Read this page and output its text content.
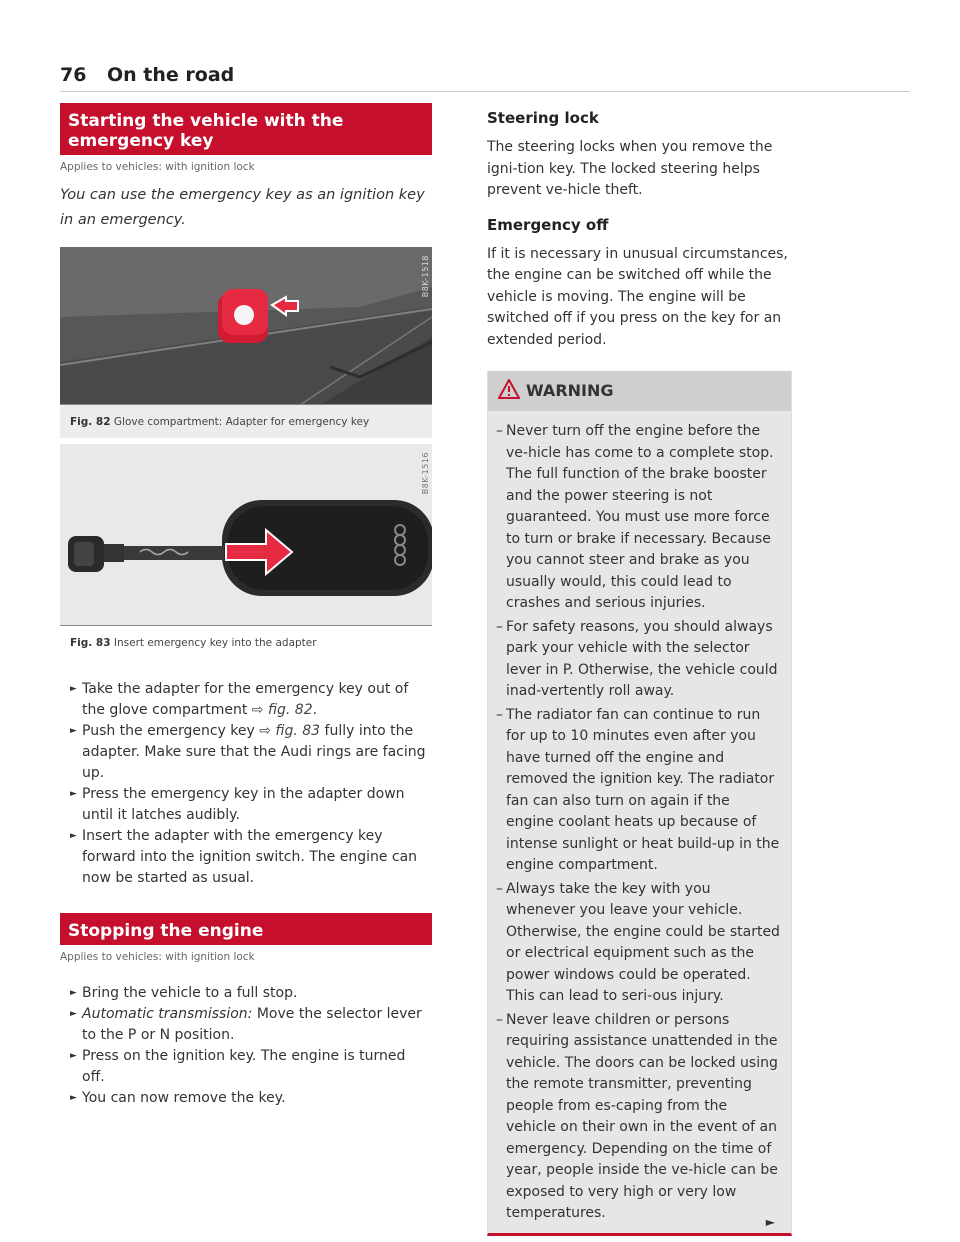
76 On the road
Starting the vehicle with the emergency key
Applies to vehicles: with ignition lock
You can use the emergency key as an ignition key in an emergency.
B8K-1518
Fig. 82 Glove compartment: Adapter for emergency key
B8K-1516
Fig. 83 Insert emergency key into the adapter
► Take the adapter for the emergency key out of the glove compartment ⇨ fig. 82.
► Push the emergency key ⇨ fig. 83 fully into the adapter. Make sure that the Audi rings are facing up.
► Press the emergency key in the adapter down until it latches audibly.
► Insert the adapter with the emergency key forward into the ignition switch. The engine can now be started as usual.
Stopping the engine
Applies to vehicles: with ignition lock
► Bring the vehicle to a full stop.
► Automatic transmission: Move the selector lever to the P or N position.
► Press on the ignition key. The engine is turned off.
► You can now remove the key.
Steering lock
The steering locks when you remove the igni-tion key. The locked steering helps prevent ve-hicle theft.
Emergency off
If it is necessary in unusual circumstances, the engine can be switched off while the vehicle is moving. The engine will be switched off if you press on the key for an extended period.
WARNING
– Never turn off the engine before the ve-hicle has come to a complete stop. The full function of the brake booster and the power steering is not guaranteed. You must use more force to turn or brake if necessary. Because you cannot steer and brake as you usually would, this could lead to crashes and serious injuries.
– For safety reasons, you should always park your vehicle with the selector lever in P. Otherwise, the vehicle could inad-vertently roll away.
– The radiator fan can continue to run for up to 10 minutes even after you have turned off the engine and removed the ignition key. The radiator fan can also turn on again if the engine coolant heats up because of intense sunlight or heat build-up in the engine compartment.
– Always take the key with you whenever you leave your vehicle. Otherwise, the engine could be started or electrical equipment such as the power windows could be operated. This can lead to seri-ous injury.
– Never leave children or persons requiring assistance unattended in the vehicle. The doors can be locked using the remote transmitter, preventing people from es-caping from the vehicle on their own in the event of an emergency. Depending on the time of year, people inside the ve-hicle can be exposed to very high or very low temperatures.
►
